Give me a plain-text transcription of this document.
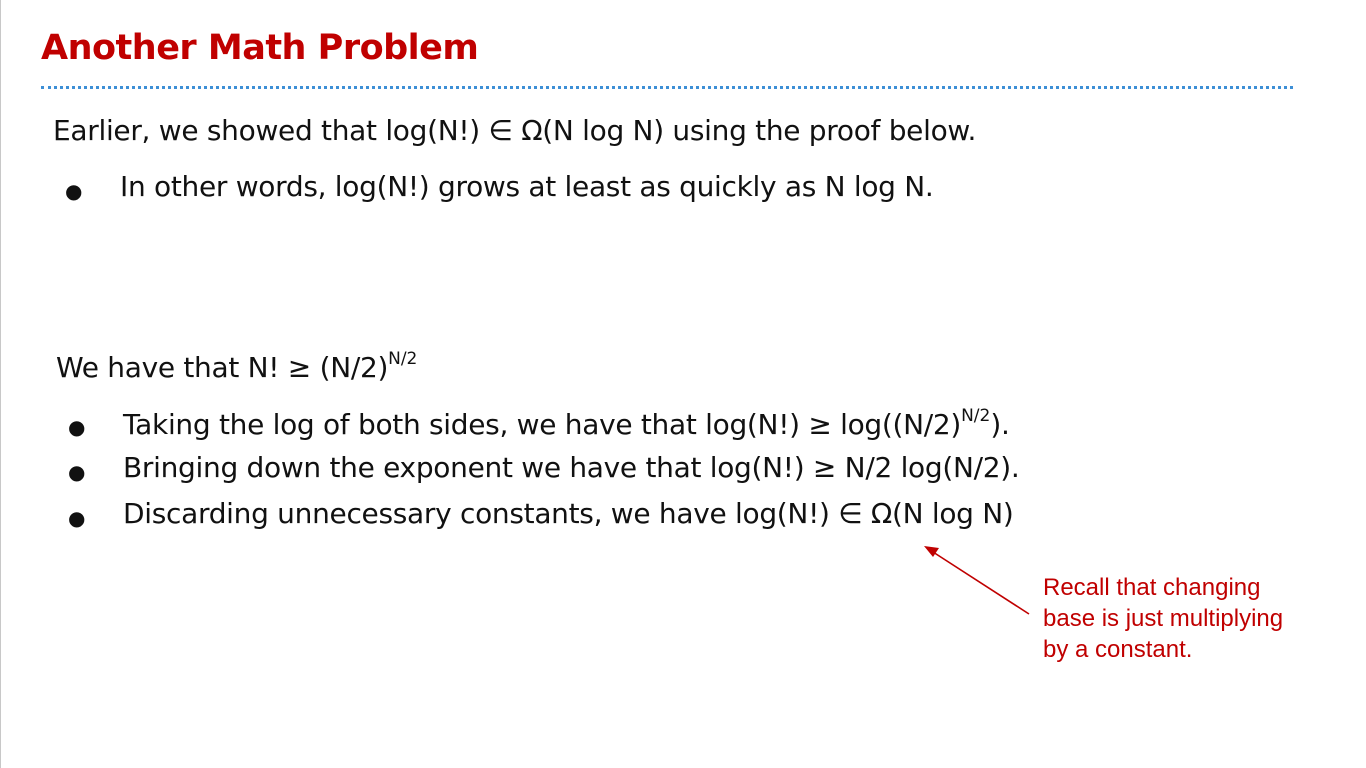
Another Math Problem
Earlier, we showed that log(N!) ∈ Ω(N log N) using the proof below.
● In other words, log(N!) grows at least as quickly as N log N.
We have that N! ≥ $(N/2)^{N/2}$
● Taking the log of both sides, we have that $\log(N!) \ge \log((N/2)^{N/2})$.
● Bringing down the exponent we have that log(N!) ≥ N/2 log(N/2).
● Discarding unnecessary constants, we have log(N!) ∈ Ω(N log N)
Recall that changing
base is just multiplying
by a constant.
